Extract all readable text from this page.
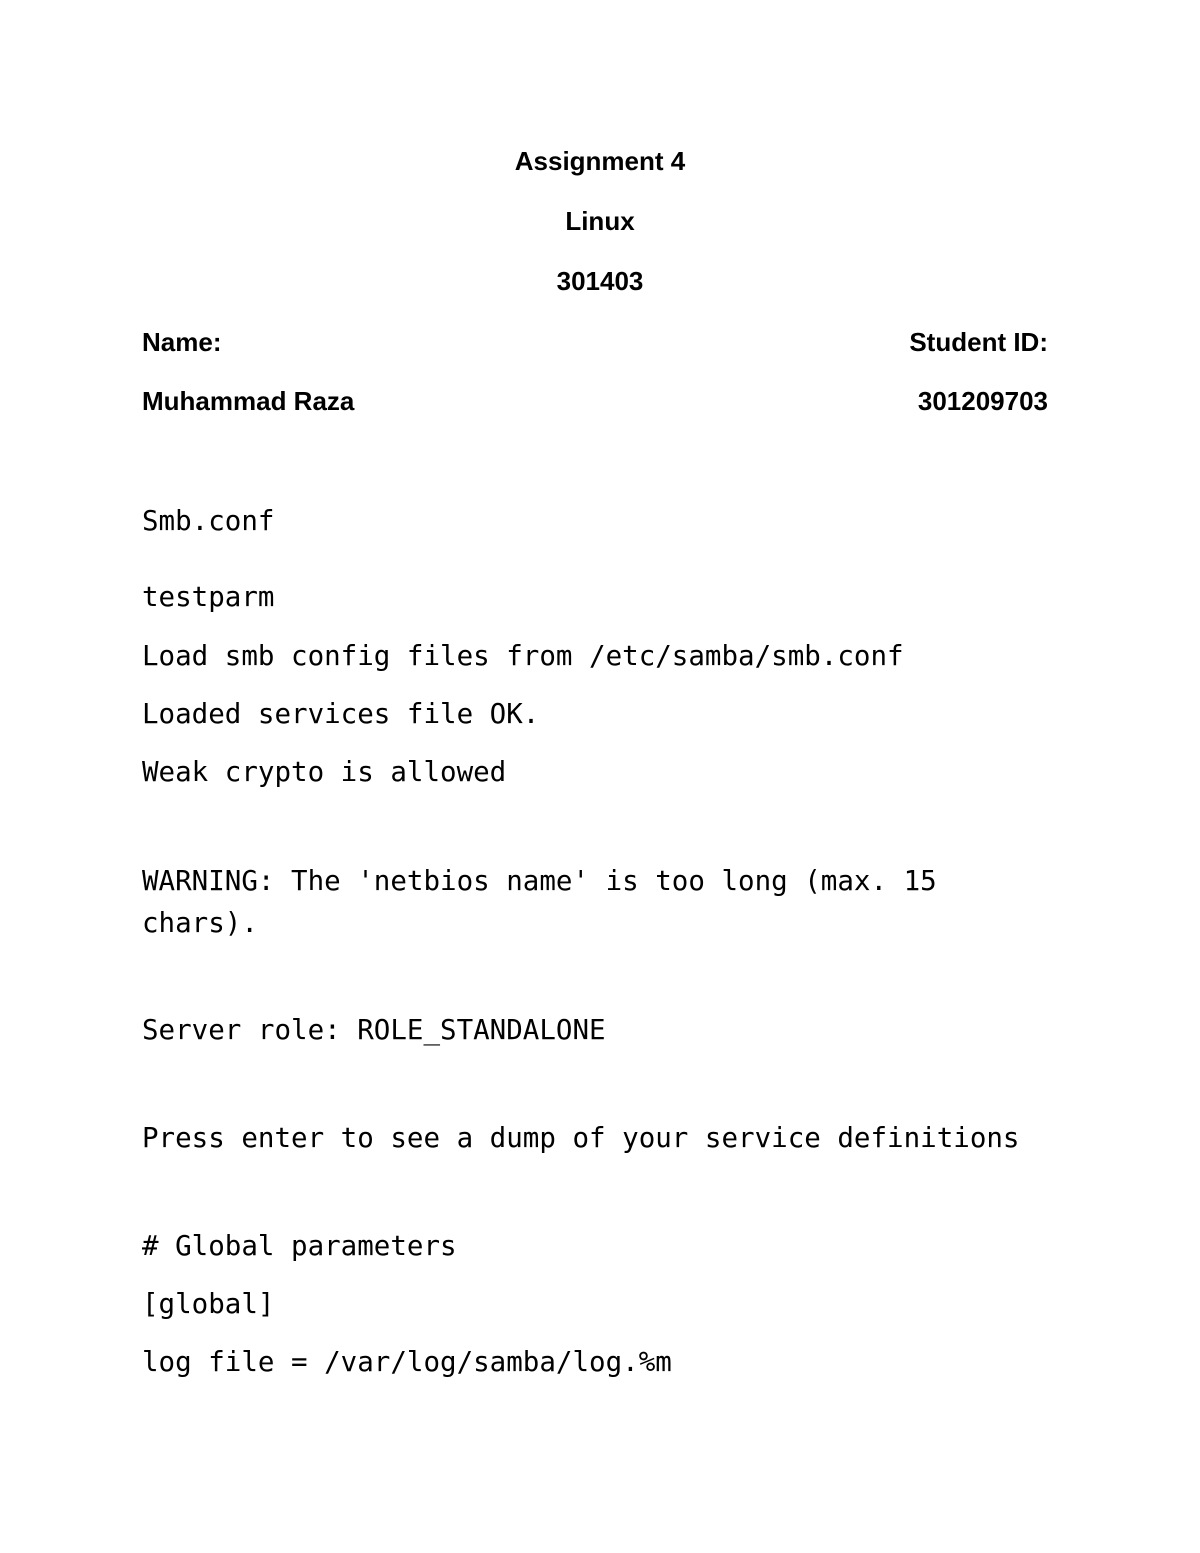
Assignment 4
Linux
301403
Name:	Student ID:
Muhammad Raza	301209703
Smb.conf
testparm
Load smb config files from /etc/samba/smb.conf
Loaded services file OK.
Weak crypto is allowed
WARNING: The 'netbios name' is too long (max. 15 chars).
Server role: ROLE_STANDALONE
Press enter to see a dump of your service definitions
# Global parameters
[global]
log file = /var/log/samba/log.%m
